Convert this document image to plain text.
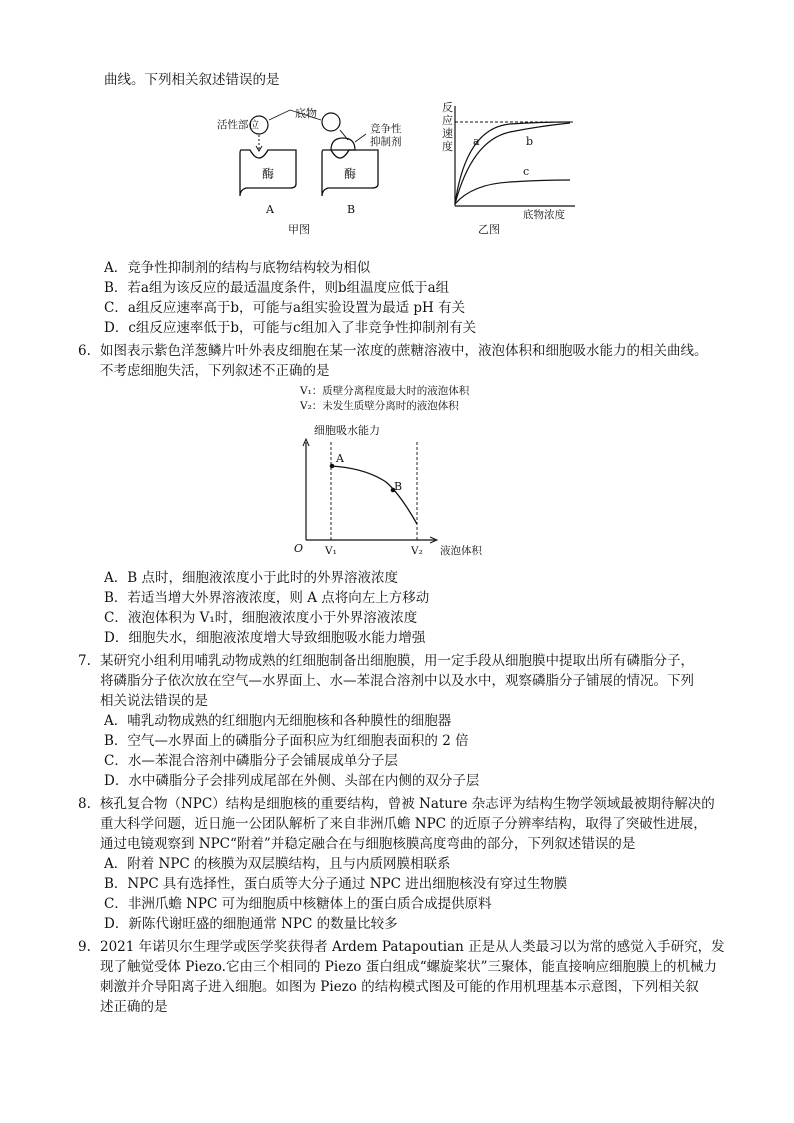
曲线。下列相关叙述错误的是
底物
活性部位
酶
A
酶
B
竞争性
抑制剂
甲图
反
应
速
度 a	b
c
底物浓度
乙图
A．竞争性抑制剂的结构与底物结构较为相似
B．若a组为该反应的最适温度条件，则b组温度应低于a组
C．a组反应速率高于b，可能与a组实验设置为最适 pH 有关
D．c组反应速率低于b，可能与c组加入了非竞争性抑制剂有关
6. 如图表示紫色洋葱鳞片叶外表皮细胞在某一浓度的蔗糖溶液中，液泡体积和细胞吸水能力的相关曲线。
不考虑细胞失活，下列叙述不正确的是
V₁：质壁分离程度最大时的液泡体积
V₂：未发生质壁分离时的液泡体积
细胞吸水能力
A
B
O V₁	V₂ 液泡体积
A．B 点时，细胞液浓度小于此时的外界溶液浓度
B．若适当增大外界溶液浓度，则 A 点将向左上方移动
C．液泡体积为 V₁时，细胞液浓度小于外界溶液浓度
D．细胞失水，细胞液浓度增大导致细胞吸水能力增强
7. 某研究小组利用哺乳动物成熟的红细胞制备出细胞膜，用一定手段从细胞膜中提取出所有磷脂分子，
将磷脂分子依次放在空气—水界面上、水—苯混合溶剂中以及水中，观察磷脂分子铺展的情况。下列
相关说法错误的是
A．哺乳动物成熟的红细胞内无细胞核和各种膜性的细胞器
B．空气—水界面上的磷脂分子面积应为红细胞表面积的 2 倍
C．水—苯混合溶剂中磷脂分子会铺展成单分子层
D．水中磷脂分子会排列成尾部在外侧、头部在内侧的双分子层
8. 核孔复合物（NPC）结构是细胞核的重要结构，曾被 Nature 杂志评为结构生物学领域最被期待解决的
重大科学问题，近日施一公团队解析了来自非洲爪蟾 NPC 的近原子分辨率结构，取得了突破性进展，
通过电镜观察到 NPC“附着”并稳定融合在与细胞核膜高度弯曲的部分，下列叙述错误的是
A．附着 NPC 的核膜为双层膜结构，且与内质网膜相联系
B．NPC 具有选择性，蛋白质等大分子通过 NPC 进出细胞核没有穿过生物膜
C．非洲爪蟾 NPC 可为细胞质中核糖体上的蛋白质合成提供原料
D．新陈代谢旺盛的细胞通常 NPC 的数量比较多
9. 2021 年诺贝尔生理学或医学奖获得者 Ardem Patapoutian 正是从人类最习以为常的感觉入手研究，发
现了触觉受体 Piezo.它由三个相同的 Piezo 蛋白组成“螺旋桨状”三聚体，能直接响应细胞膜上的机械力
刺激并介导阳离子进入细胞。如图为 Piezo 的结构模式图及可能的作用机理基本示意图，下列相关叙
述正确的是
